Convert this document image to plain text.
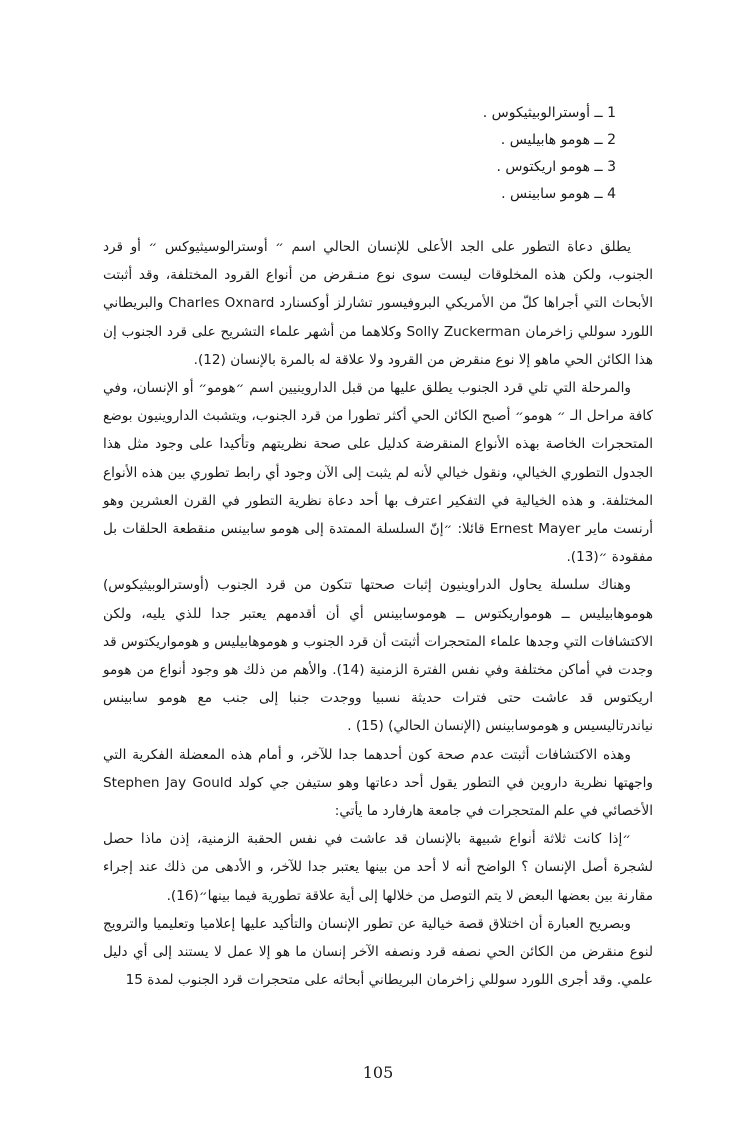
1 ــ أوسترالوبيثيكوس .
2 ــ هومو هابيليس .
3 ــ هومو اريكتوس .
4 ــ هومو سابينس .

يطلق دعاة التطور على الجد الأعلى للإنسان الحالي اسم ״ أوسترالوسيثيوكس ״ أو قرد الجنوب، ولكن هذه المخلوقات ليست سوى نوع منـقرض من أنواع القرود المختلفة، وقد أثبتت الأبحاث التي أجراها كلّ من الأمريكي البروفيسور تشارلز أوكسنارد Charles Oxnard والبريطاني اللورد سوللي زاخرمان Solly Zuckerman وكلاهما من أشهر علماء التشريح على قرد الجنوب إن هذا الكائن الحي ماهو إلا نوع منقرض من القرود ولا علاقة له بالمرة بالإنسان (12).

والمرحلة التي تلي قرد الجنوب يطلق عليها من قبل الداروينيين اسم ״هومو״ أو الإنسان، وفي كافة مراحل الـ ״ هومو״ أصبح الكائن الحي أكثر تطورا من قرد الجنوب، ويتشبث الداروينيون بوضع المتحجرات الخاصة بهذه الأنواع المنقرضة كدليل على صحة نظريتهم وتأكيدا على وجود مثل هذا الجدول التطوري الخيالي، ونقول خيالي لأنه لم يثبت إلى الآن وجود أي رابط تطوري بين هذه الأنواع المختلفة. و هذه الخيالية في التفكير اعترف بها أحد دعاة نظرية التطور في القرن العشرين وهو أرنست ماير Ernest Mayer قائلا: ״إنّ السلسلة الممتدة إلى هومو سابينس منقطعة الحلقات بل مفقودة ״(13).

وهناك سلسلة يحاول الدراوينيون إثبات صحتها تتكون من قرد الجنوب (أوسترالوبيثيكوس) هوموهابيليس ــ هومواريكتوس ــ هوموسابينس أي أن أقدمهم يعتبر جدا للذي يليه، ولكن الاكتشافات التي وجدها علماء المتحجرات أثبتت أن قرد الجنوب و هوموهابيليس و هومواريكتوس قد وجدت في أماكن مختلفة وفي نفس الفترة الزمنية (14). والأهم من ذلك هو وجود أنواع من هومو اريكتوس قد عاشت حتى فترات حديثة نسبيا ووجدت جنبا إلى جنب مع هومو سابينس نياندرتاليسيس و هوموسابينس (الإنسان الحالي) (15) .

وهذه الاكتشافات أثبتت عدم صحة كون أحدهما جدا للآخر، و أمام هذه المعضلة الفكرية التي واجهتها نظرية داروين في التطور يقول أحد دعاتها وهو ستيفن جي كولد Stephen Jay Gould الأخصائي في علم المتحجرات في جامعة هارفارد ما يأتي:

״إذا كانت ثلاثة أنواع شبيهة بالإنسان قد عاشت في نفس الحقبة الزمنية، إذن ماذا حصل لشجرة أصل الإنسان ؟ الواضح أنه لا أحد من بينها يعتبر جدا للآخر، و الأدهى من ذلك عند إجراء مقارنة بين بعضها البعض لا يتم التوصل من خلالها إلى أية علاقة تطورية فيما بينها״(16).

وبصريح العبارة أن اختلاق قصة خيالية عن تطور الإنسان والتأكيد عليها إعلاميا وتعليميا والترويج لنوع منقرض من الكائن الحي نصفه قرد ونصفه الآخر إنسان ما هو إلا عمل لا يستند إلى أي دليل علمي. وقد أجرى اللورد سوللي زاخرمان البريطاني أبحاثه على متحجرات قرد الجنوب لمدة 15

105
